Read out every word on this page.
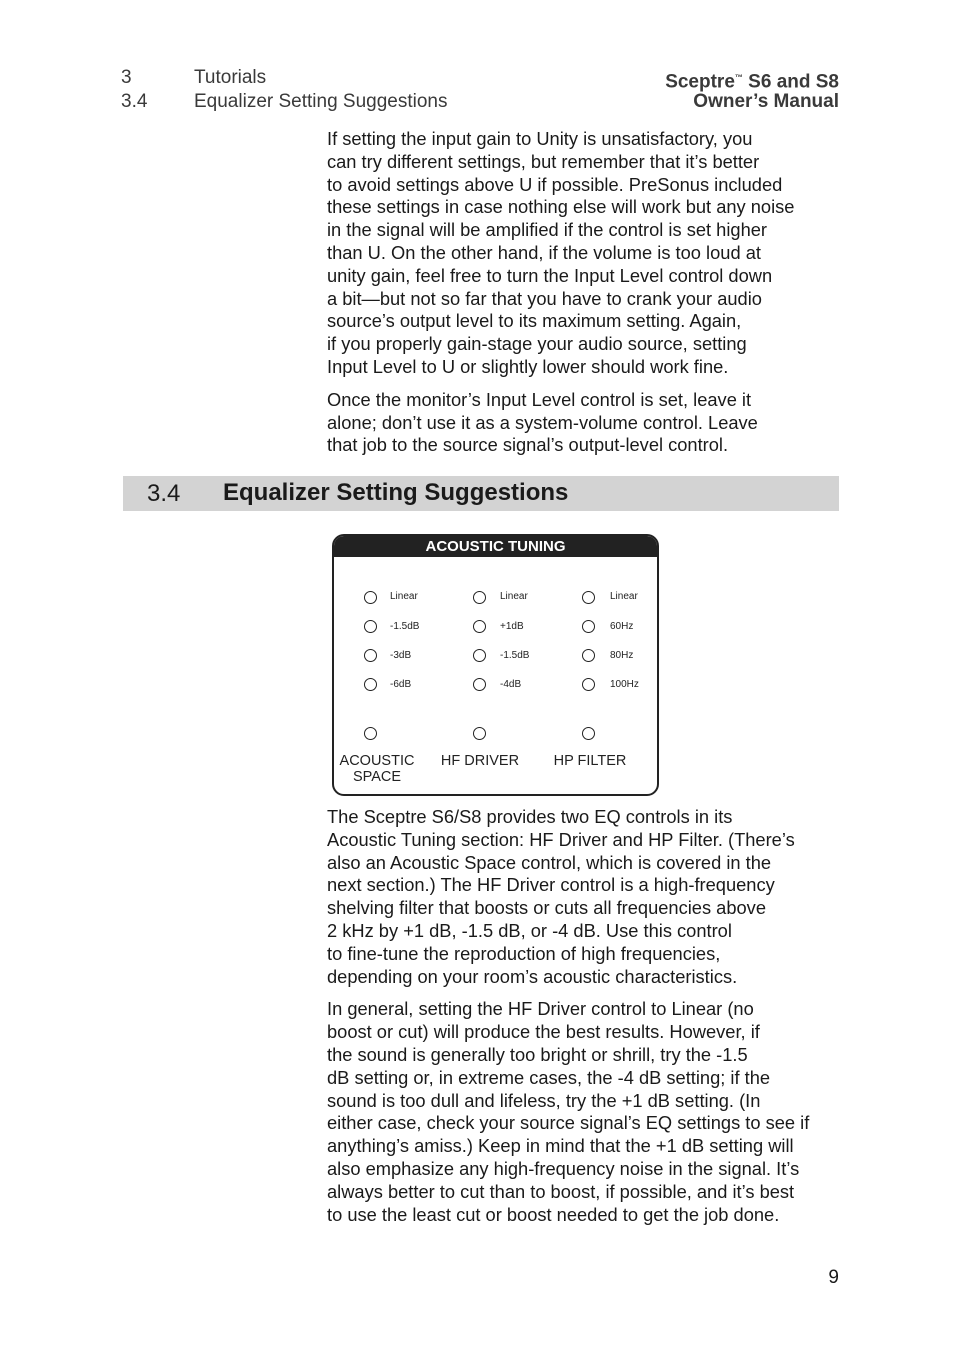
3	Tutorials
3.4 Equalizer Setting Suggestions
Sceptre™ S6 and S8
Owner’s Manual

If setting the input gain to Unity is unsatisfactory, you
can try different settings, but remember that it’s better
to avoid settings above U if possible. PreSonus included
these settings in case nothing else will work but any noise
in the signal will be amplified if the control is set higher
than U. On the other hand, if the volume is too loud at
unity gain, feel free to turn the Input Level control down
a bit—but not so far that you have to crank your audio
source’s output level to its maximum setting. Again,
if you properly gain-stage your audio source, setting
Input Level to U or slightly lower should work fine.

Once the monitor’s Input Level control is set, leave it
alone; don’t use it as a system-volume control. Leave
that job to the source signal’s output-level control.

3.4 Equalizer Setting Suggestions
ACOUSTIC TUNING
Linear
-1.5dB
-3dB
-6dB
ACOUSTIC
SPACE
Linear
+1dB
-1.5dB
-4dB
HF DRIVER
Linear
60Hz
80Hz
100Hz
HP FILTER

The Sceptre S6/S8 provides two EQ controls in its
Acoustic Tuning section: HF Driver and HP Filter. (There’s
also an Acoustic Space control, which is covered in the
next section.) The HF Driver control is a high-frequency
shelving filter that boosts or cuts all frequencies above
2 kHz by +1 dB, -1.5 dB, or -4 dB. Use this control
to fine-tune the reproduction of high frequencies,
depending on your room’s acoustic characteristics.

In general, setting the HF Driver control to Linear (no
boost or cut) will produce the best results. However, if
the sound is generally too bright or shrill, try the -1.5
dB setting or, in extreme cases, the -4 dB setting; if the
sound is too dull and lifeless, try the +1 dB setting. (In
either case, check your source signal’s EQ settings to see if
anything’s amiss.) Keep in mind that the +1 dB setting will
also emphasize any high-frequency noise in the signal. It’s
always better to cut than to boost, if possible, and it’s best
to use the least cut or boost needed to get the job done.

9
